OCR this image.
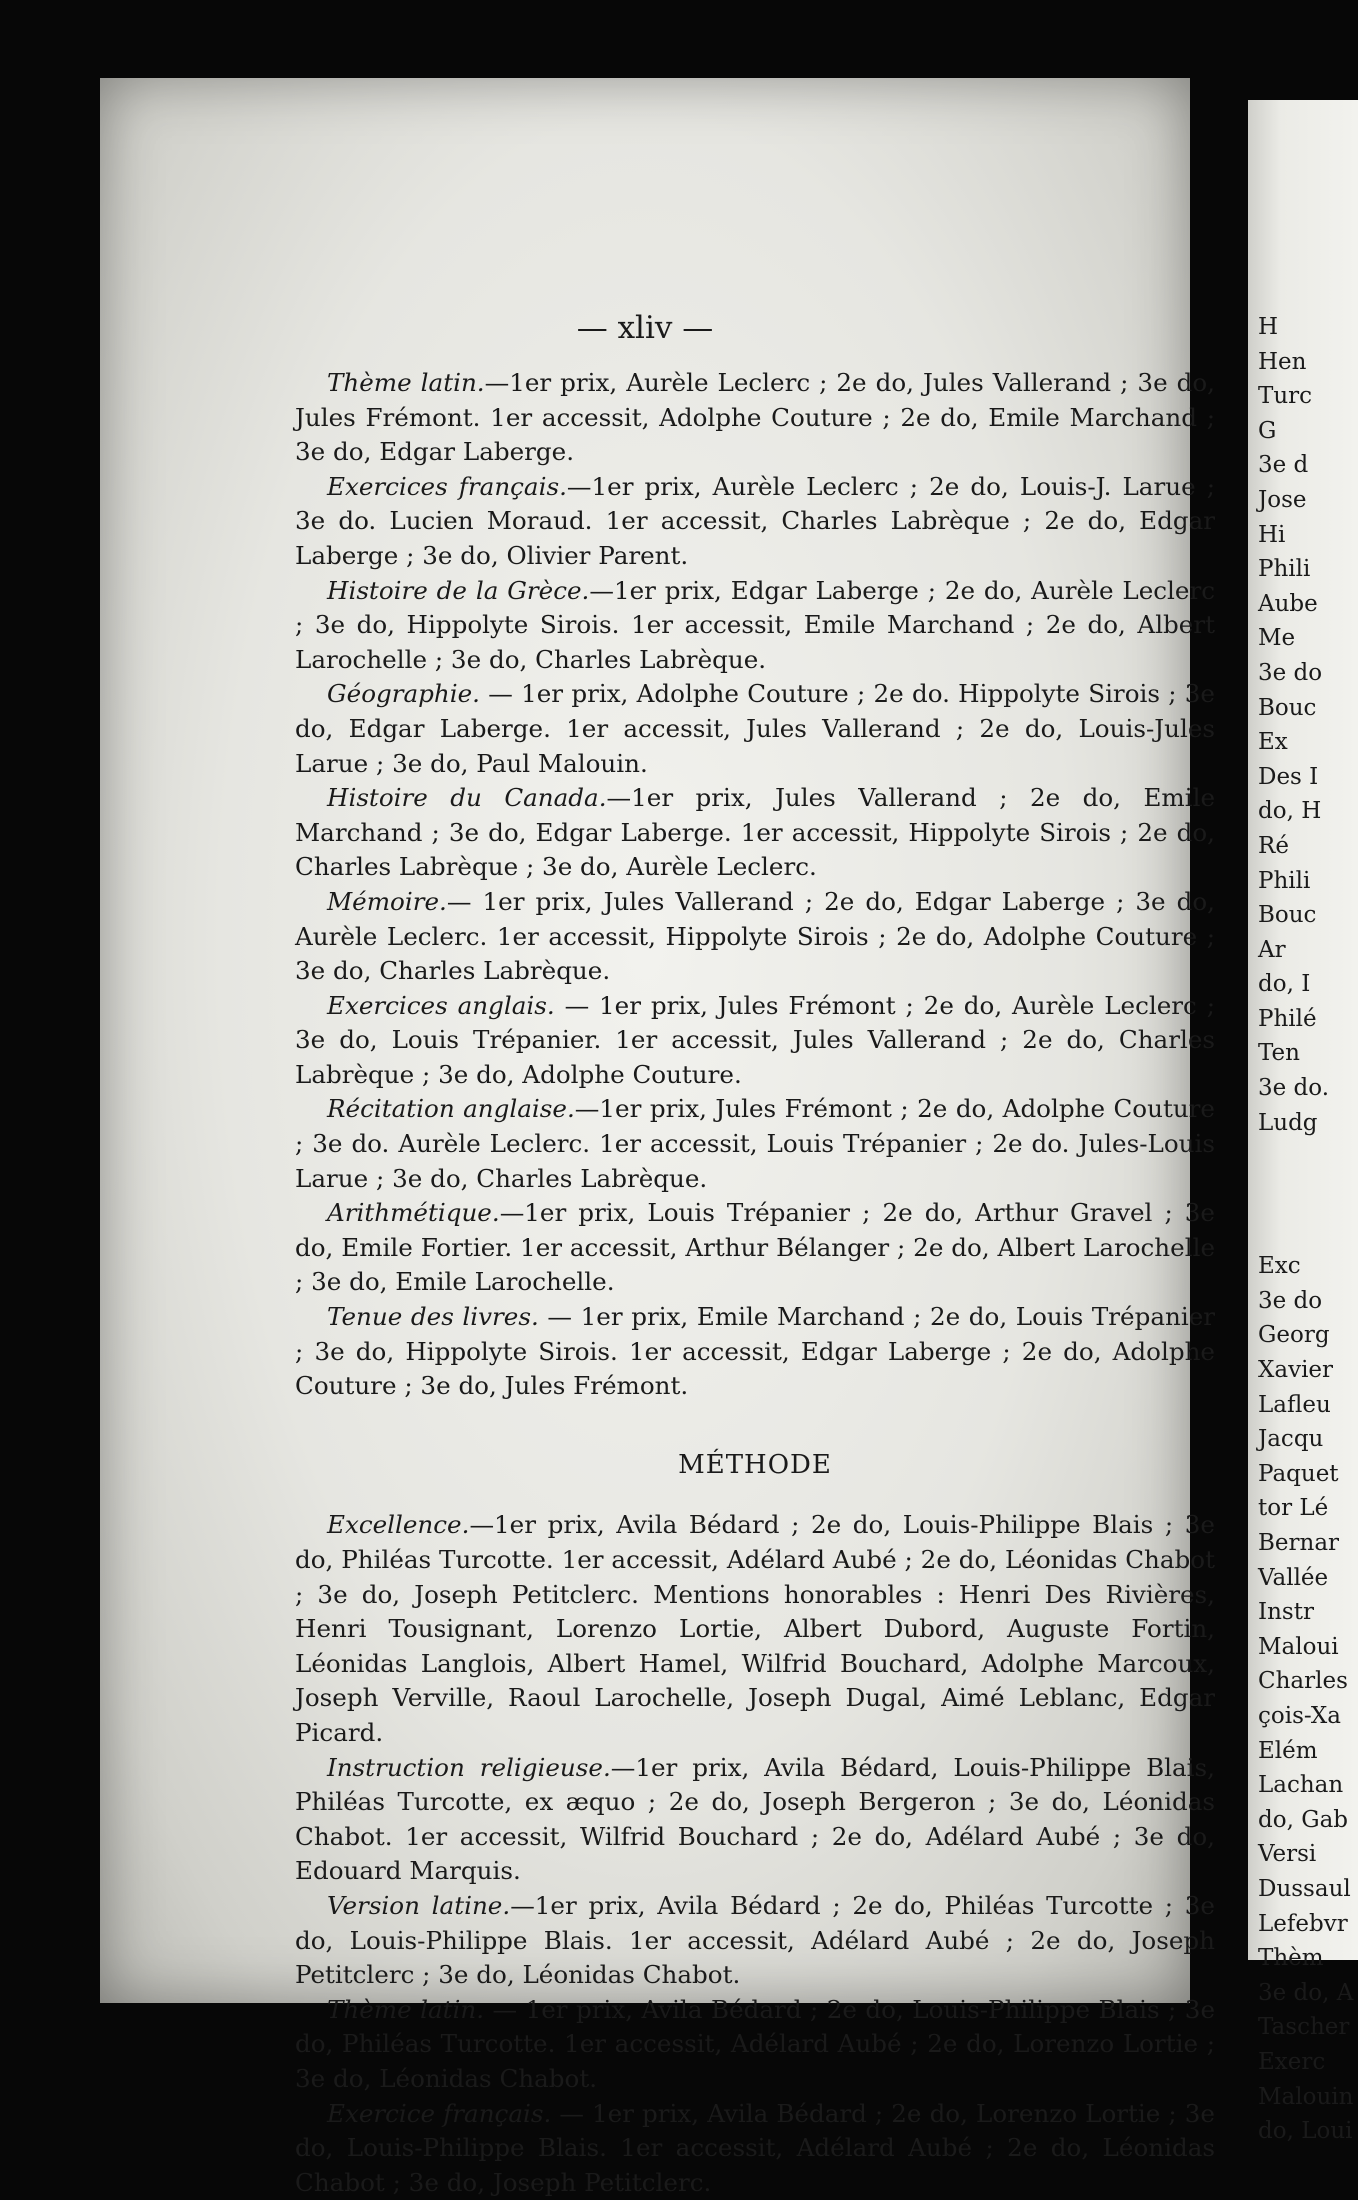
— xliv —

Thème latin.—1er prix, Aurèle Leclerc ; 2e do, Jules Vallerand ; 3e do, Jules Frémont. 1er accessit, Adolphe Couture ; 2e do, Emile Marchand ; 3e do, Edgar Laberge.

Exercices français.—1er prix, Aurèle Leclerc ; 2e do, Louis-J. Larue ; 3e do. Lucien Moraud. 1er accessit, Charles Labrèque ; 2e do, Edgar Laberge ; 3e do, Olivier Parent.

Histoire de la Grèce.—1er prix, Edgar Laberge ; 2e do, Aurèle Leclerc ; 3e do, Hippolyte Sirois. 1er accessit, Emile Marchand ; 2e do, Albert Larochelle ; 3e do, Charles Labrèque.

Géographie. — 1er prix, Adolphe Couture ; 2e do. Hippolyte Sirois ; 3e do, Edgar Laberge. 1er accessit, Jules Vallerand ; 2e do, Louis-Jules Larue ; 3e do, Paul Malouin.

Histoire du Canada.—1er prix, Jules Vallerand ; 2e do, Emile Marchand ; 3e do, Edgar Laberge. 1er accessit, Hippolyte Sirois ; 2e do, Charles Labrèque ; 3e do, Aurèle Leclerc.

Mémoire.— 1er prix, Jules Vallerand ; 2e do, Edgar Laberge ; 3e do, Aurèle Leclerc. 1er accessit, Hippolyte Sirois ; 2e do, Adolphe Couture ; 3e do, Charles Labrèque.

Exercices anglais. — 1er prix, Jules Frémont ; 2e do, Aurèle Leclerc ; 3e do, Louis Trépanier. 1er accessit, Jules Vallerand ; 2e do, Charles Labrèque ; 3e do, Adolphe Couture.

Récitation anglaise.—1er prix, Jules Frémont ; 2e do, Adolphe Couture ; 3e do. Aurèle Leclerc. 1er accessit, Louis Trépanier ; 2e do. Jules-Louis Larue ; 3e do, Charles Labrèque.

Arithmétique.—1er prix, Louis Trépanier ; 2e do, Arthur Gravel ; 3e do, Emile Fortier. 1er accessit, Arthur Bélanger ; 2e do, Albert Larochelle ; 3e do, Emile Larochelle.

Tenue des livres. — 1er prix, Emile Marchand ; 2e do, Louis Trépanier ; 3e do, Hippolyte Sirois. 1er accessit, Edgar Laberge ; 2e do, Adolphe Couture ; 3e do, Jules Frémont.

MÉTHODE

Excellence.—1er prix, Avila Bédard ; 2e do, Louis-Philippe Blais ; 3e do, Philéas Turcotte. 1er accessit, Adélard Aubé ; 2e do, Léonidas Chabot ; 3e do, Joseph Petitclerc. Mentions honorables : Henri Des Rivières, Henri Tousignant, Lorenzo Lortie, Albert Dubord, Auguste Fortin, Léonidas Langlois, Albert Hamel, Wilfrid Bouchard, Adolphe Marcoux, Joseph Verville, Raoul Larochelle, Joseph Dugal, Aimé Leblanc, Edgar Picard.

Instruction religieuse.—1er prix, Avila Bédard, Louis-Philippe Blais, Philéas Turcotte, ex æquo ; 2e do, Joseph Bergeron ; 3e do, Léonidas Chabot. 1er accessit, Wilfrid Bouchard ; 2e do, Adélard Aubé ; 3e do, Edouard Marquis.

Version latine.—1er prix, Avila Bédard ; 2e do, Philéas Turcotte ; 3e do, Louis-Philippe Blais. 1er accessit, Adélard Aubé ; 2e do, Joseph Petitclerc ; 3e do, Léonidas Chabot.

Thème latin. — 1er prix, Avila Bédard ; 2e do, Louis-Philippe Blais ; 3e do, Philéas Turcotte. 1er accessit, Adélard Aubé ; 2e do, Lorenzo Lortie ; 3e do, Léonidas Chabot.

Exercice français. — 1er prix, Avila Bédard ; 2e do, Lorenzo Lortie ; 3e do, Louis-Philippe Blais. 1er accessit, Adélard Aubé ; 2e do, Léonidas Chabot ; 3e do, Joseph Petitclerc.

H
Hen
Turc
G
3e d
Jose
Hi
Phili
Aube
Me
3e do
Bouc
Ex
Des I
do, H
Ré
Phili
Bouc
Ar
do, I
Philé
Ten
3e do.
Ludg
Exc
3e do
Georg
Xavier
Lafleu
Jacqu
Paquet
tor Lé
Bernar
Vallée
Instr
Maloui
Charles
çois-Xa
Elém
Lachan
do, Gab
Versi
Dussaul
Lefebvr
Thèm
3e do, A
Tascher
Exerc
Malouin
do, Loui
